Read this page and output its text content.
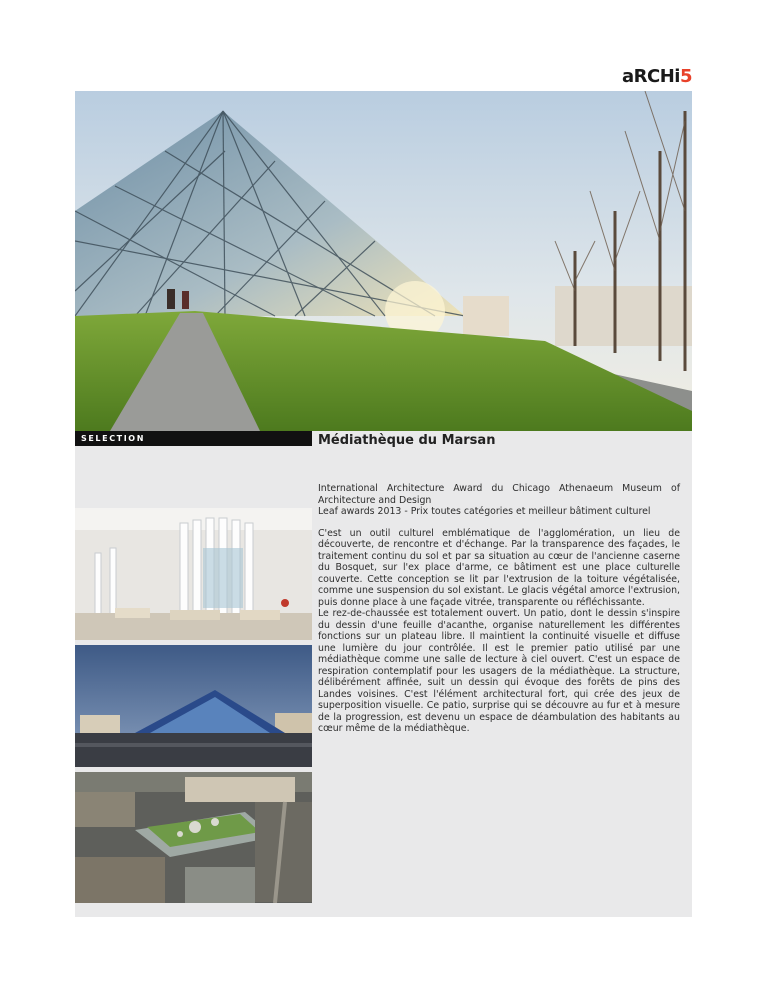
aRCHi5
SELECTION	Médiathèque du Marsan

International Architecture Award du Chicago Athenaeum Museum of Architecture and Design

Leaf awards 2013 - Prix toutes catégories et meilleur bâtiment culturel

C'est un outil culturel emblématique de l'agglomération, un lieu de découverte, de rencontre et d'échange. Par la transparence des façades, le traitement continu du sol et par sa situation au cœur de l'ancienne caserne du Bosquet, sur l'ex place d'arme, ce bâtiment est une place culturelle couverte. Cette conception se lit par l'extrusion de la toiture végétalisée, comme une suspension du sol existant. Le glacis végétal amorce l'extrusion, puis donne place à une façade vitrée, transparente ou réfléchissante.

Le rez-de-chaussée est totalement ouvert. Un patio, dont le dessin s'inspire du dessin d'une feuille d'acanthe, organise naturellement les différentes fonctions sur un plateau libre. Il maintient la continuité visuelle et diffuse une lumière du jour contrôlée. Il est le premier patio utilisé par une médiathèque comme une salle de lecture à ciel ouvert. C'est un espace de respiration contemplatif pour les usagers de la médiathèque. La structure, délibérément affinée, suit un dessin qui évoque des forêts de pins des Landes voisines. C'est l'élément architectural fort, qui crée des jeux de superposition visuelle. Ce patio, surprise qui se découvre au fur et à mesure de la progression, est devenu un espace de déambulation des habitants au cœur même de la médiathèque.
